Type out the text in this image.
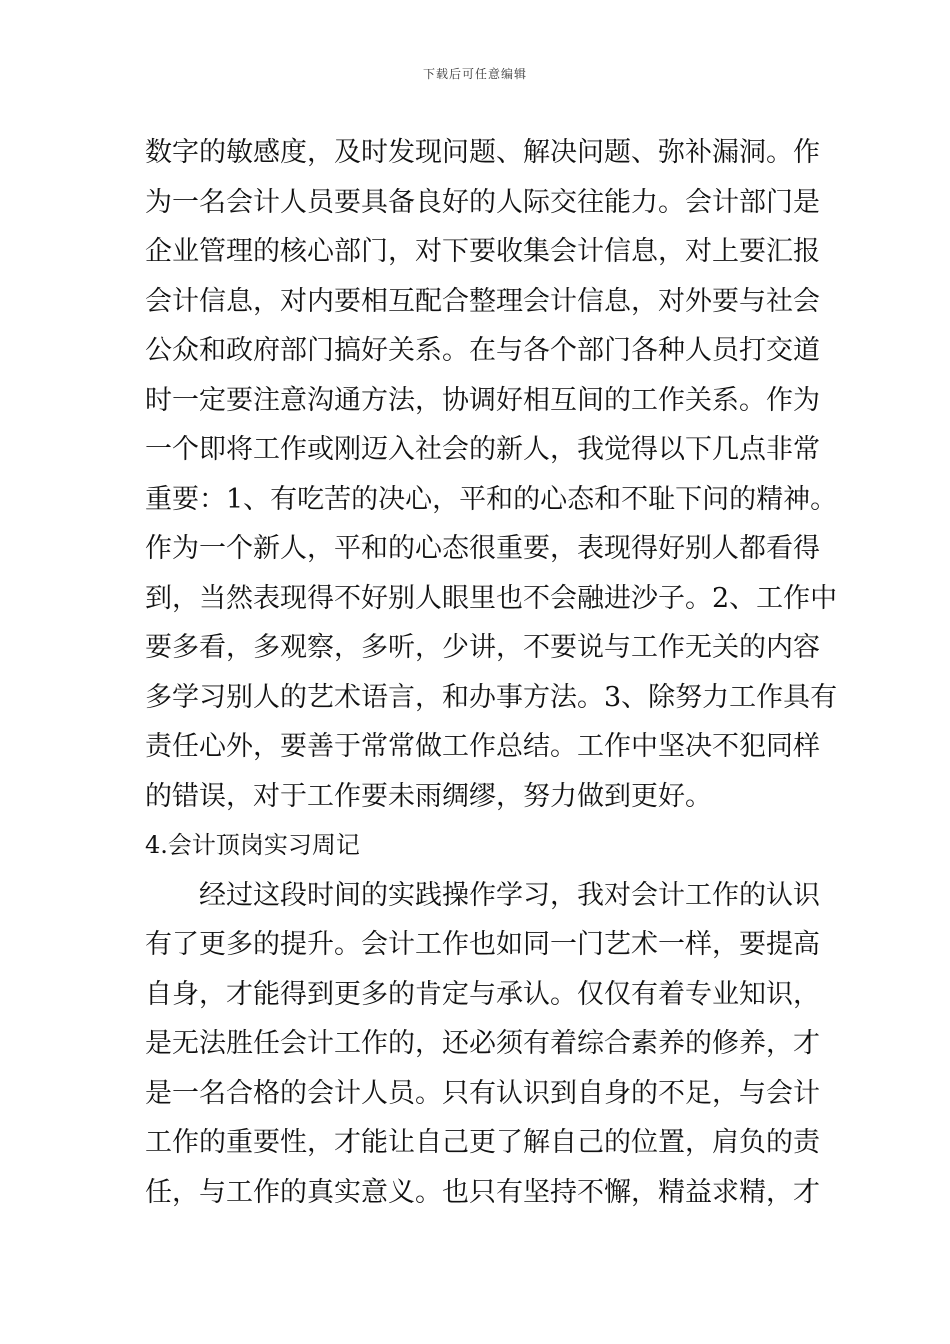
下载后可任意编辑
数字的敏感度，及时发现问题、解决问题、弥补漏洞。作
为一名会计人员要具备良好的人际交往能力。会计部门是
企业管理的核心部门，对下要收集会计信息，对上要汇报
会计信息，对内要相互配合整理会计信息，对外要与社会
公众和政府部门搞好关系。在与各个部门各种人员打交道
时一定要注意沟通方法，协调好相互间的工作关系。作为
一个即将工作或刚迈入社会的新人，我觉得以下几点非常
重要：1、有吃苦的决心，平和的心态和不耻下问的精神。
作为一个新人，平和的心态很重要，表现得好别人都看得
到，当然表现得不好别人眼里也不会融进沙子。2、工作中
要多看，多观察，多听，少讲，不要说与工作无关的内容
多学习别人的艺术语言，和办事方法。3、除努力工作具有
责任心外，要善于常常做工作总结。工作中坚决不犯同样
的错误，对于工作要未雨绸缪，努力做到更好。
4.会计顶岗实习周记
经过这段时间的实践操作学习，我对会计工作的认识
有了更多的提升。会计工作也如同一门艺术一样，要提高
自身，才能得到更多的肯定与承认。仅仅有着专业知识，
是无法胜任会计工作的，还必须有着综合素养的修养，才
是一名合格的会计人员。只有认识到自身的不足，与会计
工作的重要性，才能让自己更了解自己的位置，肩负的责
任，与工作的真实意义。也只有坚持不懈，精益求精，才
